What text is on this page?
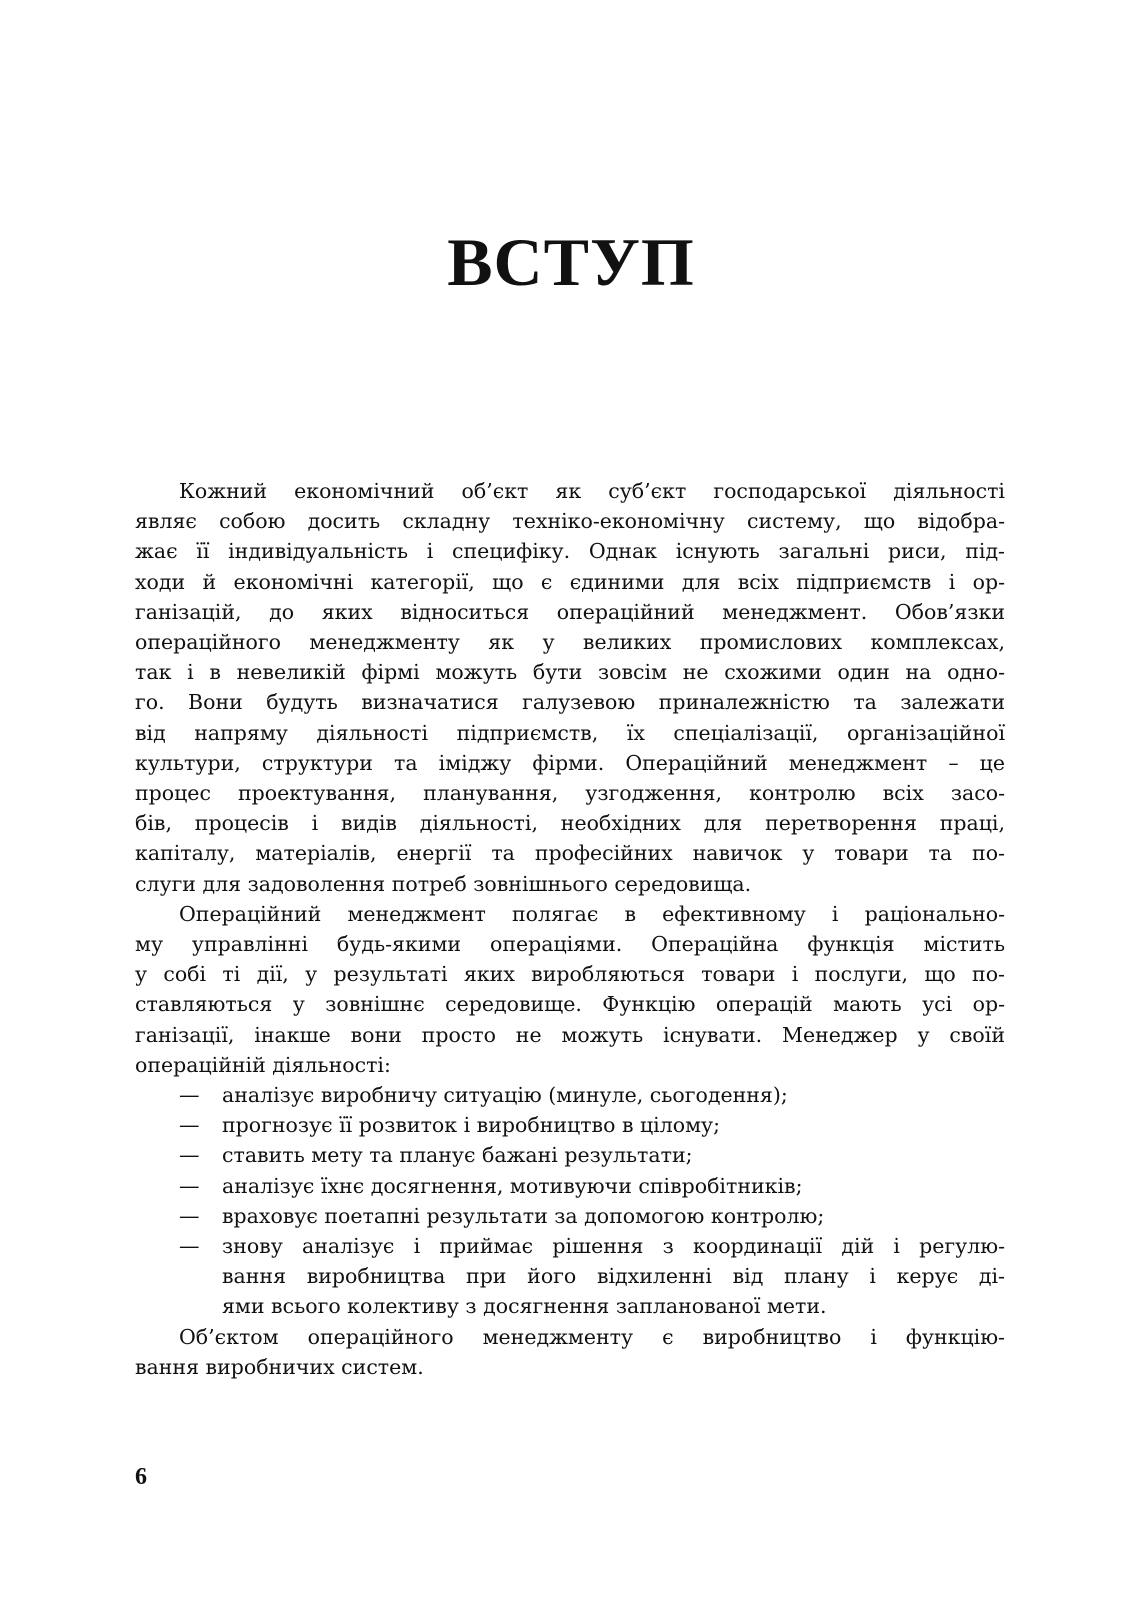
ВСТУП

Кожний економічний об’єкт як суб’єкт господарської діяльності
являє собою досить складну техніко-економічну систему, що відобра-
жає її індивідуальність і специфіку. Однак існують загальні риси, під-
ходи й економічні категорії, що є єдиними для всіх підприємств і ор-
ганізацій, до яких відноситься операційний менеджмент. Обов’язки
операційного менеджменту як у великих промислових комплексах,
так і в невеликій фірмі можуть бути зовсім не схожими один на одно-
го. Вони будуть визначатися галузевою приналежністю та залежати
від напряму діяльності підприємств, їх спеціалізації, організаційної
культури, структури та іміджу фірми. Операційний менеджмент – це
процес проектування, планування, узгодження, контролю всіх засо-
бів, процесів і видів діяльності, необхідних для перетворення праці,
капіталу, матеріалів, енергії та професійних навичок у товари та по-
слуги для задоволення потреб зовнішнього середовища.

Операційний менеджмент полягає в ефективному і раціонально-
му управлінні будь-якими операціями. Операційна функція містить
у собі ті дії, у результаті яких виробляються товари і послуги, що по-
ставляються у зовнішнє середовище. Функцію операцій мають усі ор-
ганізації, інакше вони просто не можуть існувати. Менеджер у своїй
операційній діяльності:

— аналізує виробничу ситуацію (минуле, сьогодення);
— прогнозує її розвиток і виробництво в цілому;
— ставить мету та планує бажані результати;
— аналізує їхнє досягнення, мотивуючи співробітників;
— враховує поетапні результати за допомогою контролю;
— знову аналізує і приймає рішення з координації дій і регулю-
вання виробництва при його відхиленні від плану і керує ді-
ями всього колективу з досягнення запланованої мети.

Об’єктом операційного менеджменту є виробництво і функцію-
вання виробничих систем.

6
